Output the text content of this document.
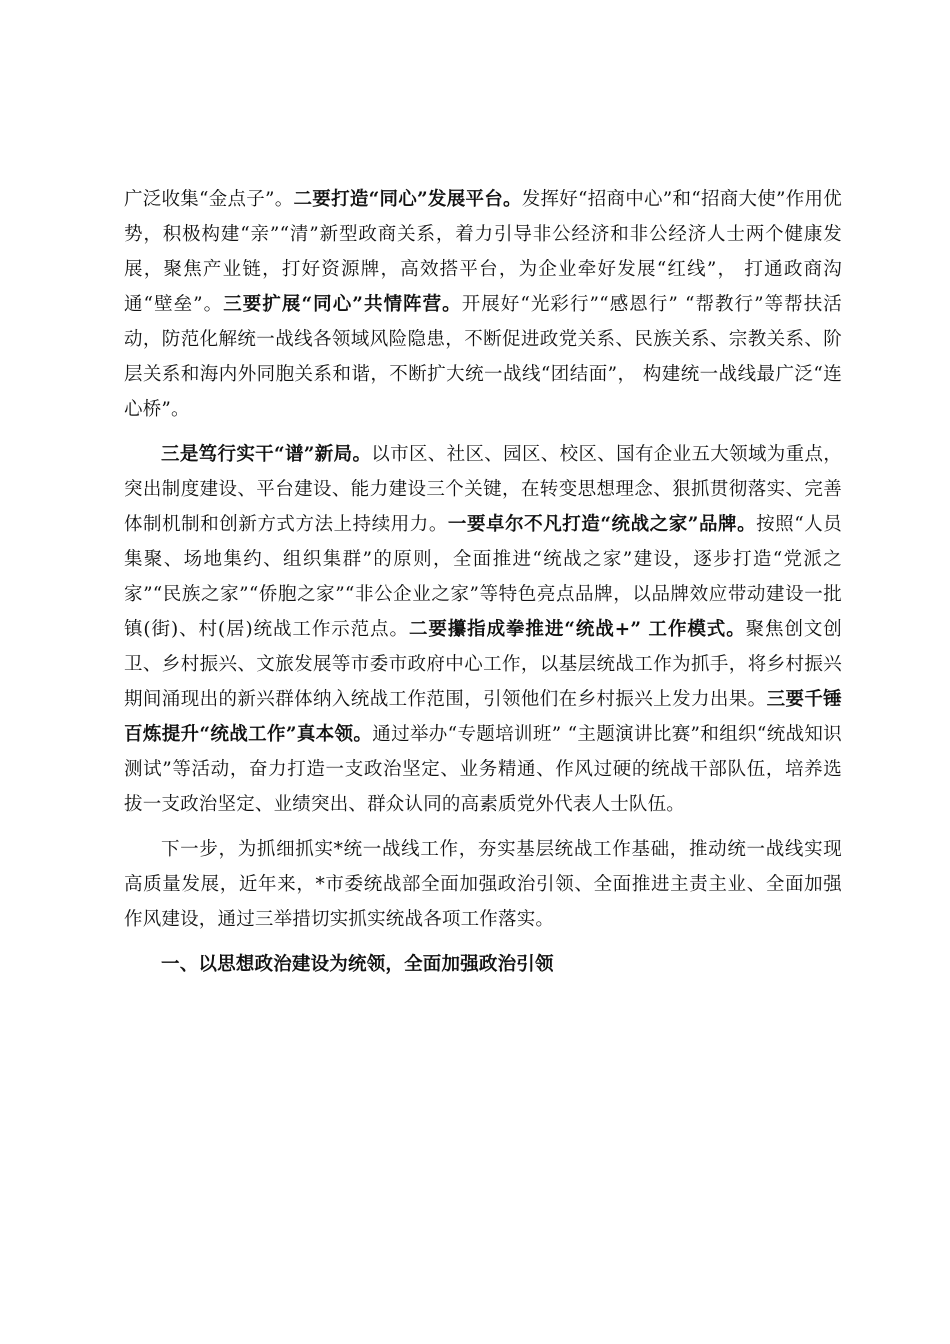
广泛收集“金点子”。二要打造“同心”发展平台。发挥好“招商中心”和“招商大使”作用优势，积极构建“亲”“清”新型政商关系，着力引导非公经济和非公经济人士两个健康发展，聚焦产业链，打好资源牌，高效搭平台，为企业牵好发展“红线”， 打通政商沟通“壁垒”。三要扩展“同心”共情阵营。开展好“光彩行”“感恩行” “帮教行”等帮扶活动，防范化解统一战线各领域风险隐患，不断促进政党关系、民族关系、宗教关系、阶层关系和海内外同胞关系和谐，不断扩大统一战线“团结面”， 构建统一战线最广泛“连心桥”。

三是笃行实干“谱”新局。以市区、社区、园区、校区、国有企业五大领域为重点，突出制度建设、平台建设、能力建设三个关键，在转变思想理念、狠抓贯彻落实、完善体制机制和创新方式方法上持续用力。一要卓尔不凡打造“统战之家”品牌。按照“人员集聚、场地集约、组织集群”的原则，全面推进“统战之家”建设，逐步打造“党派之家”“民族之家”“侨胞之家”“非公企业之家”等特色亮点品牌，以品牌效应带动建设一批镇(街)、村(居)统战工作示范点。二要攥指成拳推进“统战+” 工作模式。聚焦创文创卫、乡村振兴、文旅发展等市委市政府中心工作，以基层统战工作为抓手，将乡村振兴期间涌现出的新兴群体纳入统战工作范围，引领他们在乡村振兴上发力出果。三要千锤百炼提升“统战工作”真本领。通过举办“专题培训班” “主题演讲比赛”和组织“统战知识测试”等活动，奋力打造一支政治坚定、业务精通、作风过硬的统战干部队伍，培养选拔一支政治坚定、业绩突出、群众认同的高素质党外代表人士队伍。

下一步，为抓细抓实*统一战线工作，夯实基层统战工作基础，推动统一战线实现高质量发展，近年来，*市委统战部全面加强政治引领、全面推进主责主业、全面加强作风建设，通过三举措切实抓实统战各项工作落实。

一、以思想政治建设为统领，全面加强政治引领
